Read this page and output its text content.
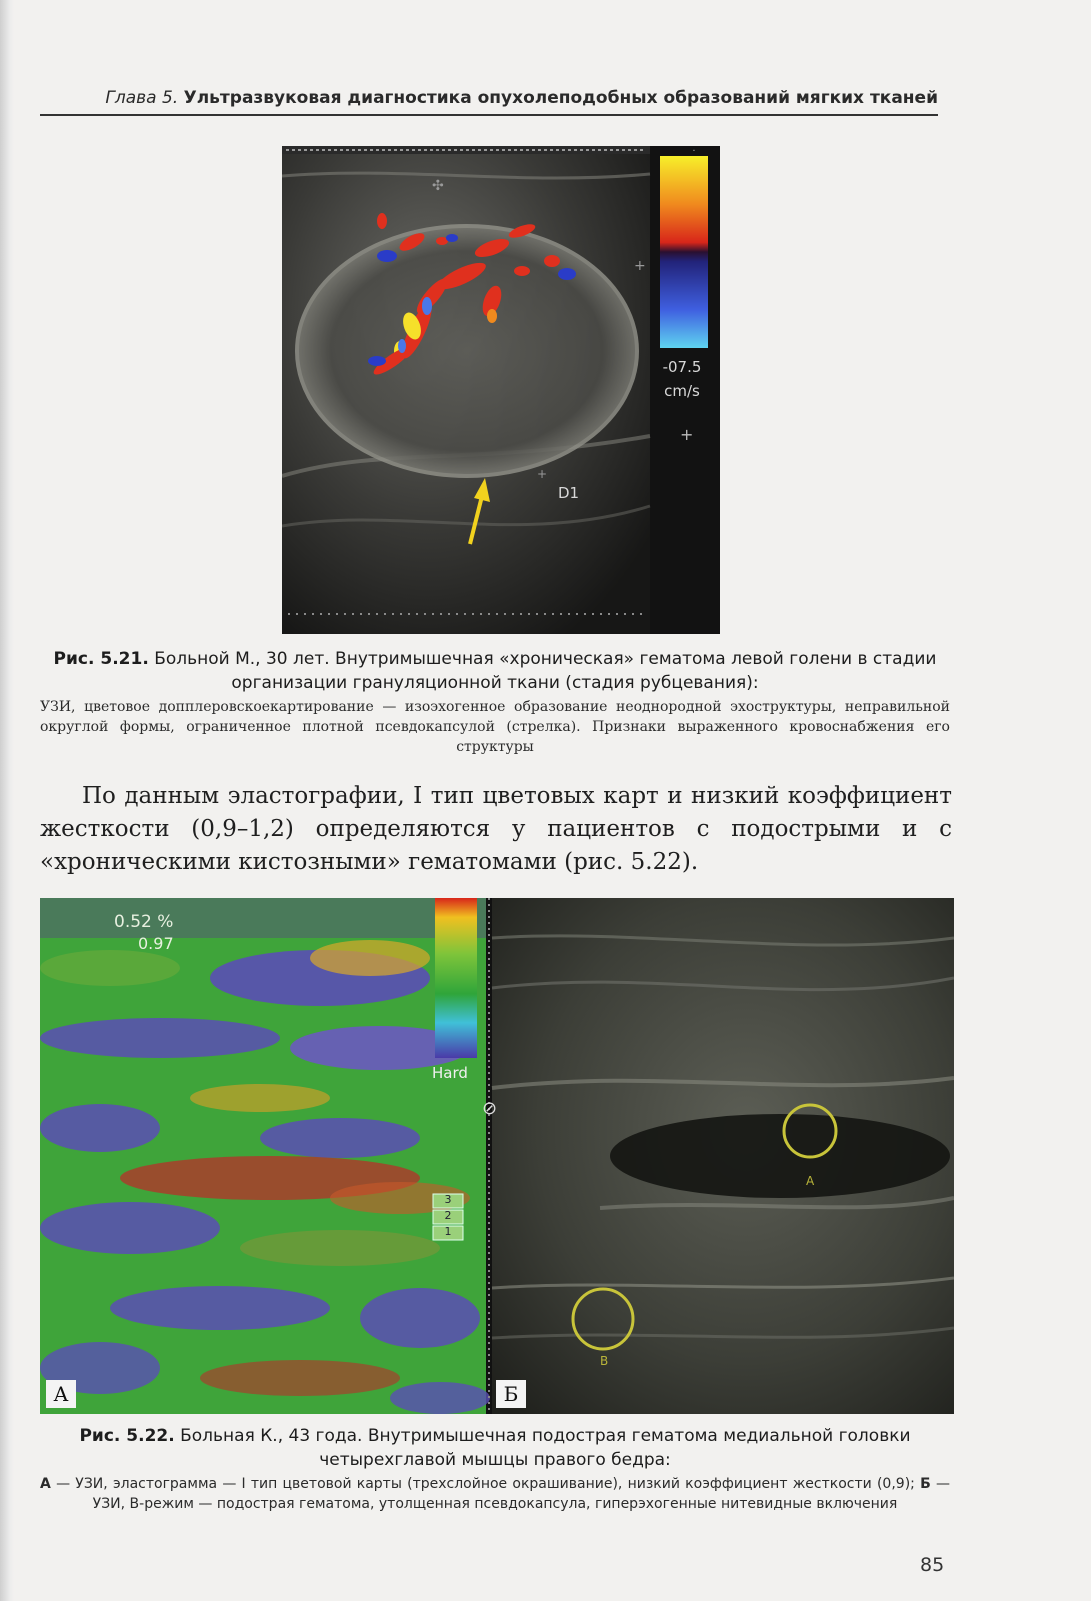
Глава 5. Ультразвуковая диагностика опухолеподобных образований мягких тканей
✣
+
+
+
·
-07.5
cm/s
D1
Рис. 5.21. Больной М., 30 лет. Внутримышечная «хроническая» гематома левой голени в стадии организации грануляционной ткани (стадия рубцевания):
УЗИ, цветовое допплеровскоекартирование — изоэхогенное образование неоднородной эхоструктуры, неправильной округлой формы, ограниченное плотной псевдокапсулой (стрелка). Признаки выраженного кровоснабжения его структуры
По данным эластографии, I тип цветовых карт и низкий коэффициент жесткости (0,9–1,2) определяются у пациентов с подострыми и с «хроническими кистозными» гематомами (рис. 5.22).
⊘
0.52 %
0.97
Hard
3
2
1
A
B
А	Б
Рис. 5.22. Больная К., 43 года. Внутримышечная подострая гематома медиальной головки четырехглавой мышцы правого бедра:
А — УЗИ, эластограмма — I тип цветовой карты (трехслойное окрашивание), низкий коэффициент жесткости (0,9); Б — УЗИ, В-режим — подострая гематома, утолщенная псевдокапсула, гиперэхогенные нитевидные включения
85
